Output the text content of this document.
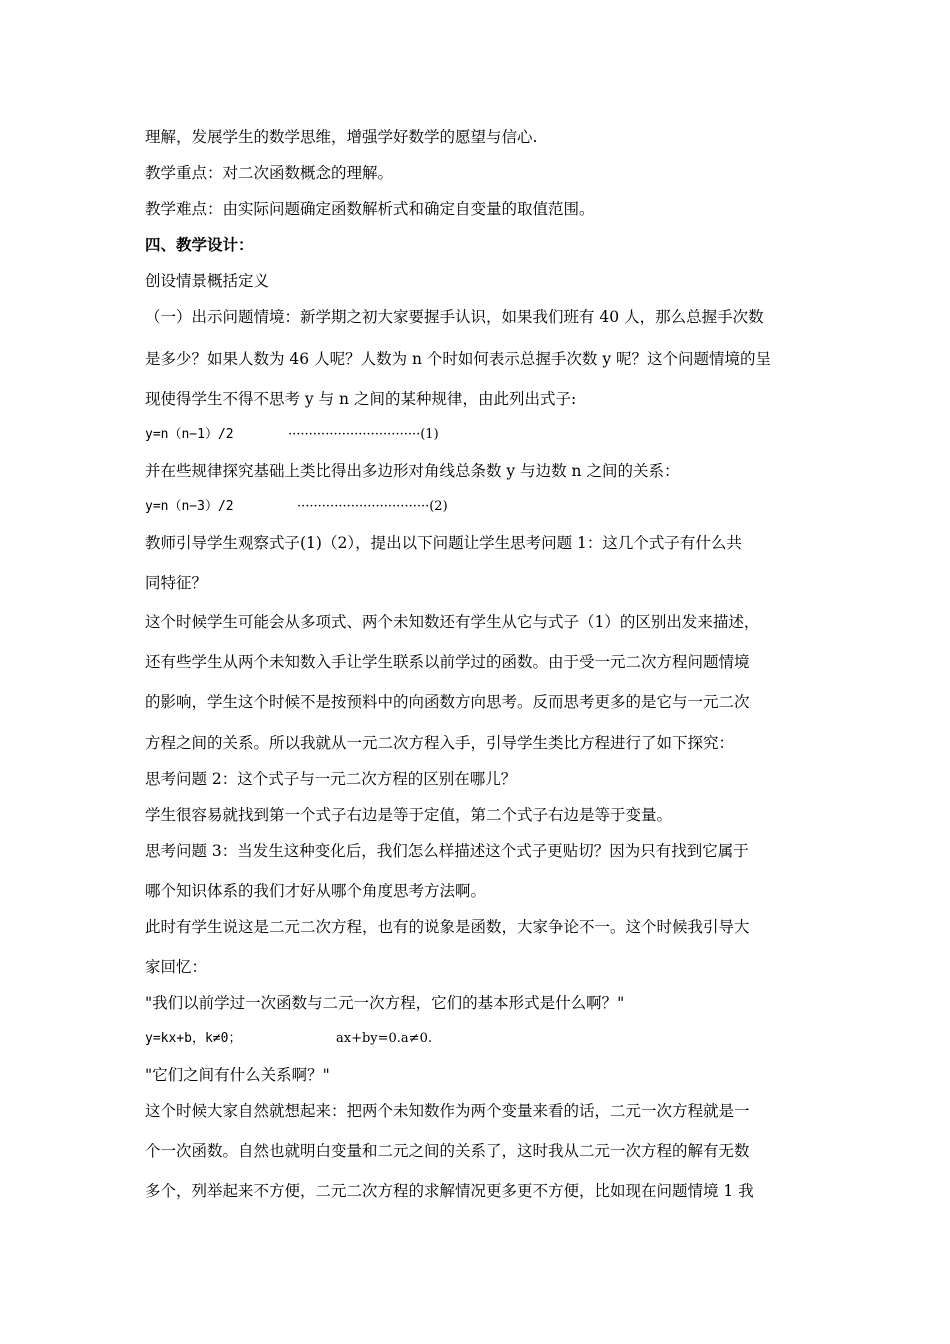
理解，发展学生的数学思维，增强学好数学的愿望与信心.
教学重点：对二次函数概念的理解。
教学难点：由实际问题确定函数解析式和确定自变量的取值范围。
四、教学设计：
创设情景概括定义
（一）出示问题情境：新学期之初大家要握手认识，如果我们班有 40 人，那么总握手次数
是多少？如果人数为 46 人呢？人数为 n 个时如何表示总握手次数 y 呢？这个问题情境的呈
现使得学生不得不思考 y 与 n 之间的某种规律，由此列出式子:
y=n（n−1）/2	································(1)
并在些规律探究基础上类比得出多边形对角线总条数 y 与边数 n 之间的关系：
y=n（n−3）/2	································(2)
教师引导学生观察式子(1)（2），提出以下问题让学生思考问题 1：这几个式子有什么共
同特征？
这个时候学生可能会从多项式、两个未知数还有学生从它与式子（1）的区别出发来描述，
还有些学生从两个未知数入手让学生联系以前学过的函数。由于受一元二次方程问题情境
的影响，学生这个时候不是按预料中的向函数方向思考。反而思考更多的是它与一元二次
方程之间的关系。所以我就从一元二次方程入手，引导学生类比方程进行了如下探究：
思考问题 2：这个式子与一元二次方程的区别在哪儿？
学生很容易就找到第一个式子右边是等于定值，第二个式子右边是等于变量。
思考问题 3：当发生这种变化后，我们怎么样描述这个式子更贴切？因为只有找到它属于
哪个知识体系的我们才好从哪个角度思考方法啊。
此时有学生说这是二元二次方程，也有的说象是函数，大家争论不一。这个时候我引导大
家回忆：
"我们以前学过一次函数与二元一次方程，它们的基本形式是什么啊？"
y=kx+b，k≠0；	ax+by=0.a≠0.
"它们之间有什么关系啊？"
这个时候大家自然就想起来：把两个未知数作为两个变量来看的话，二元一次方程就是一
个一次函数。自然也就明白变量和二元之间的关系了，这时我从二元一次方程的解有无数
多个，列举起来不方便，二元二次方程的求解情况更多更不方便，比如现在问题情境 1 我
